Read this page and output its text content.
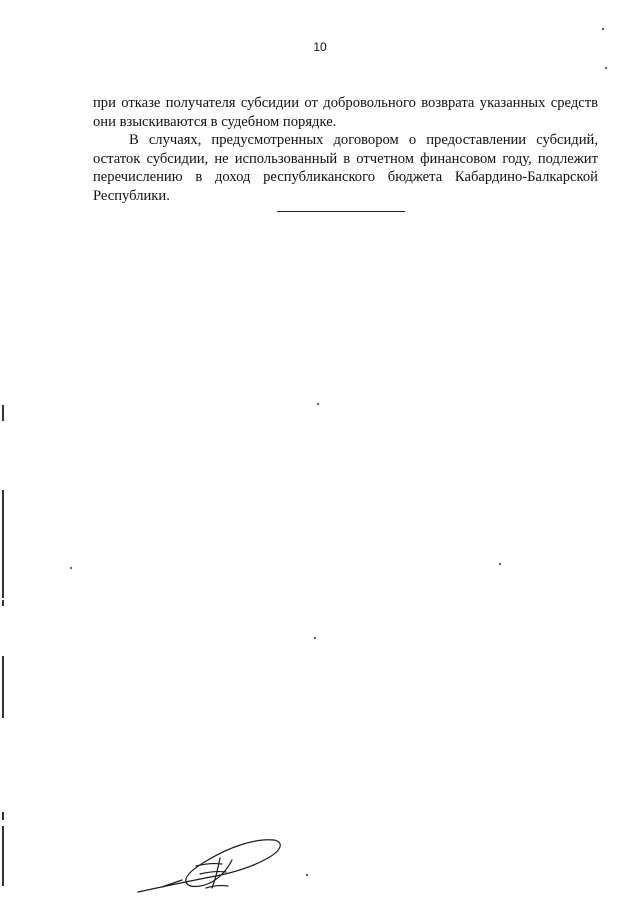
10

при отказе получателя субсидии от добровольного возврата указанных средств они взыскиваются в судебном порядке.

В случаях, предусмотренных договором о предоставлении субсидий, остаток субсидии, не использованный в отчетном финансовом году, подлежит перечислению в доход республиканского бюджета Кабардино-Балкарской Республики.
